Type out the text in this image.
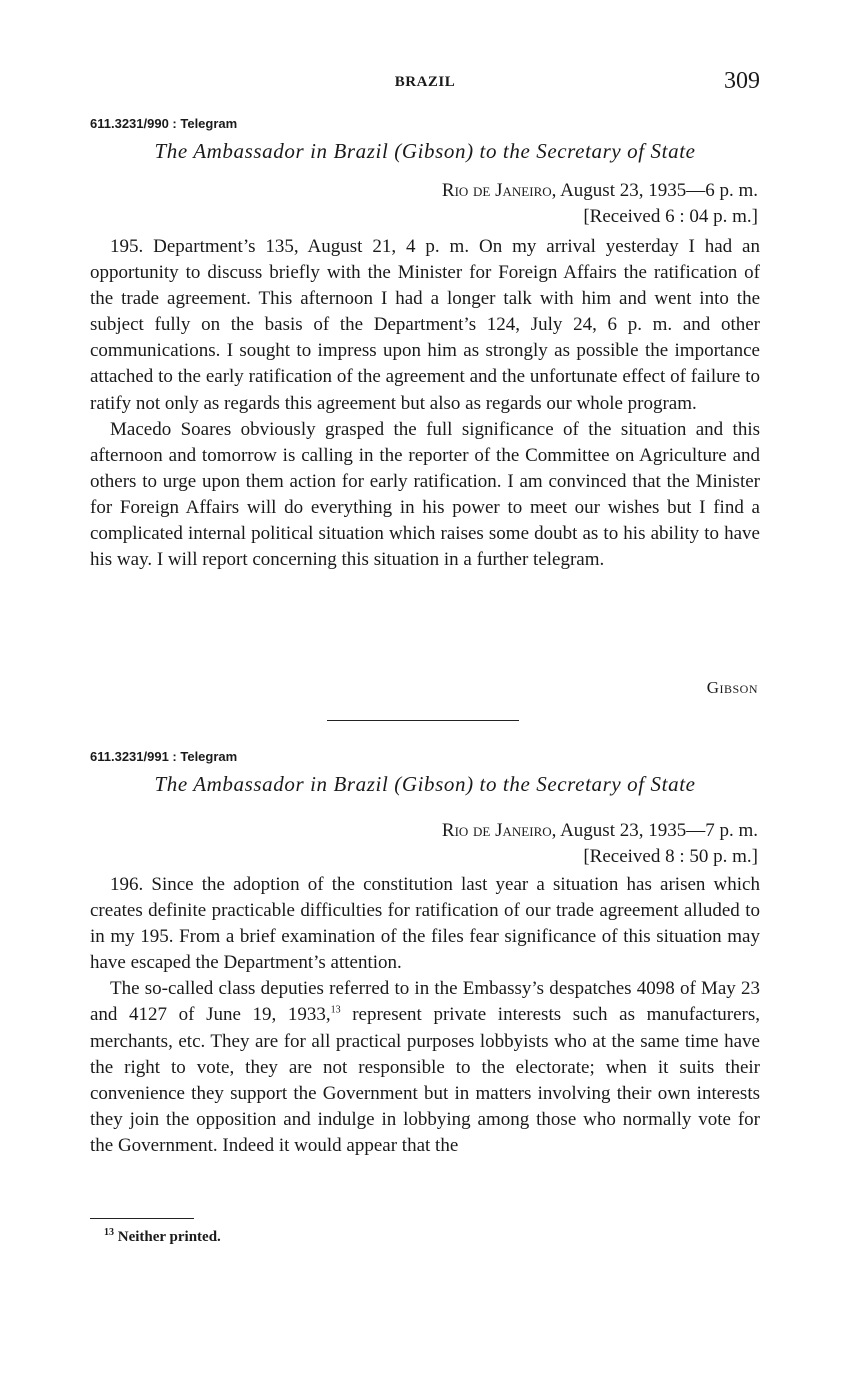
BRAZIL	309
611.3231/990 : Telegram
The Ambassador in Brazil (Gibson) to the Secretary of State
Rio de Janeiro, August 23, 1935—6 p. m.
[Received 6 : 04 p. m.]

195. Department’s 135, August 21, 4 p. m. On my arrival yesterday I had an opportunity to discuss briefly with the Minister for Foreign Affairs the ratification of the trade agreement. This afternoon I had a longer talk with him and went into the subject fully on the basis of the Department’s 124, July 24, 6 p. m. and other communications. I sought to impress upon him as strongly as possible the importance attached to the early ratification of the agreement and the unfortunate effect of failure to ratify not only as regards this agreement but also as regards our whole program.

Macedo Soares obviously grasped the full significance of the situation and this afternoon and tomorrow is calling in the reporter of the Committee on Agriculture and others to urge upon them action for early ratification. I am convinced that the Minister for Foreign Affairs will do everything in his power to meet our wishes but I find a complicated internal political situation which raises some doubt as to his ability to have his way. I will report concerning this situation in a further telegram.

Gibson
611.3231/991 : Telegram
The Ambassador in Brazil (Gibson) to the Secretary of State
Rio de Janeiro, August 23, 1935—7 p. m.
[Received 8 : 50 p. m.]

196. Since the adoption of the constitution last year a situation has arisen which creates definite practicable difficulties for ratification of our trade agreement alluded to in my 195. From a brief examination of the files fear significance of this situation may have escaped the Department’s attention.

The so-called class deputies referred to in the Embassy’s despatches 4098 of May 23 and 4127 of June 19, 1933,13 represent private interests such as manufacturers, merchants, etc. They are for all practical purposes lobbyists who at the same time have the right to vote, they are not responsible to the electorate; when it suits their convenience they support the Government but in matters involving their own interests they join the opposition and indulge in lobbying among those who normally vote for the Government. Indeed it would appear that the

$^{13}$ Neither printed.
